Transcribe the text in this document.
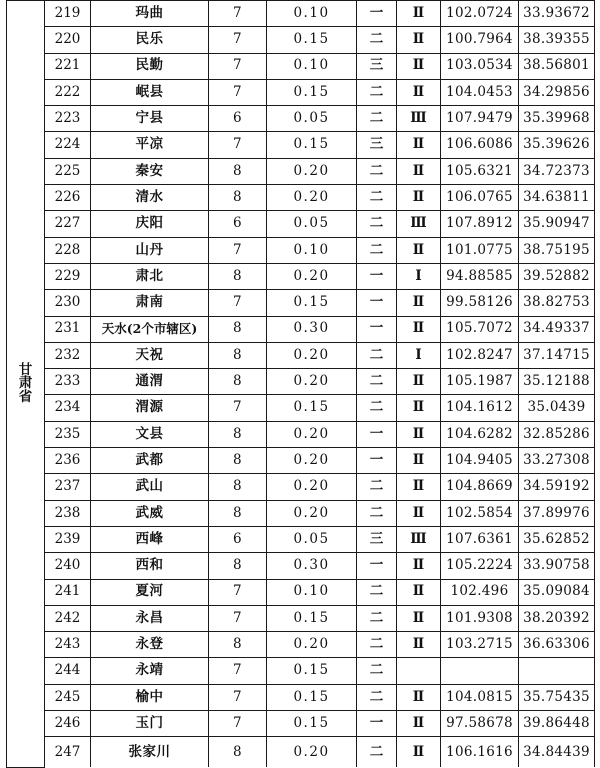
甘肃省	219	玛曲	7	0.10	一	Ⅱ	102.0724	33.93672
	220	民乐	7	0.15	二	Ⅱ	100.7964	38.39355
	221	民勤	7	0.10	三	Ⅱ	103.0534	38.56801
	222	岷县	7	0.15	二	Ⅱ	104.0453	34.29856
	223	宁县	6	0.05	二	Ⅲ	107.9479	35.39968
	224	平凉	7	0.15	三	Ⅱ	106.6086	35.39626
	225	秦安	8	0.20	二	Ⅱ	105.6321	34.72373
	226	清水	8	0.20	二	Ⅱ	106.0765	34.63811
	227	庆阳	6	0.05	二	Ⅲ	107.8912	35.90947
	228	山丹	7	0.10	二	Ⅱ	101.0775	38.75195
	229	肃北	8	0.20	一	Ⅰ	94.88585	39.52882
	230	肃南	7	0.15	一	Ⅱ	99.58126	38.82753
	231	天水(2个市辖区)	8	0.30	一	Ⅱ	105.7072	34.49337
	232	天祝	8	0.20	二	Ⅰ	102.8247	37.14715
	233	通渭	8	0.20	二	Ⅱ	105.1987	35.12188
	234	渭源	7	0.15	二	Ⅱ	104.1612	35.0439
	235	文县	8	0.20	一	Ⅱ	104.6282	32.85286
	236	武都	8	0.20	一	Ⅱ	104.9405	33.27308
	237	武山	8	0.20	二	Ⅱ	104.8669	34.59192
	238	武威	8	0.20	二	Ⅱ	102.5854	37.89976
	239	西峰	6	0.05	三	Ⅲ	107.6361	35.62852
	240	西和	8	0.30	一	Ⅱ	105.2224	33.90758
	241	夏河	7	0.10	二	Ⅱ	102.496	35.09084
	242	永昌	7	0.15	二	Ⅱ	101.9308	38.20392
	243	永登	8	0.20	二	Ⅱ	103.2715	36.63306
	244	永靖	7	0.15	二			
	245	榆中	7	0.15	二	Ⅱ	104.0815	35.75435
	246	玉门	7	0.15	一	Ⅱ	97.58678	39.86448
	247	张家川	8	0.20	二	Ⅱ	106.1616	34.84439
